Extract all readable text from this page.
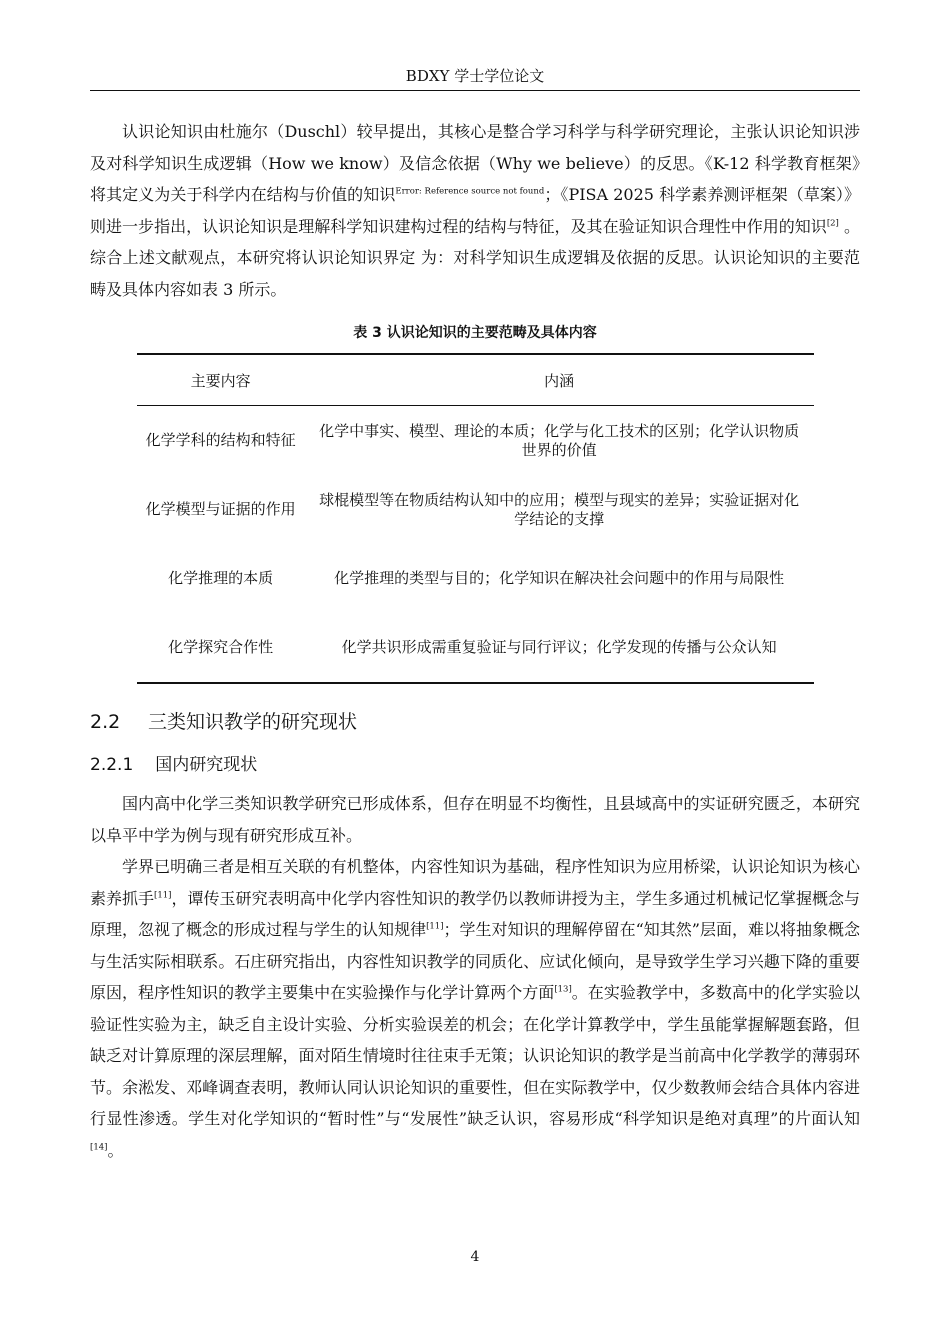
BDXY 学士学位论文

认识论知识由杜施尔（Duschl）较早提出，其核心是整合学习科学与科学研究理论，主张认识论知识涉及对科学知识生成逻辑（How we know）及信念依据（Why we believe）的反思。《K-12 科学教育框架》将其定义为关于科学内在结构与价值的知识$^{Error: Reference source not found}$；《PISA 2025 科学素养测评框架（草案）》则进一步指出，认识论知识是理解科学知识建构过程的结构与特征，及其在验证知识合理性中作用的知识[2] 。综合上述文献观点，本研究将认识论知识界定 为：对科学知识生成逻辑及依据的反思。认识论知识的主要范畴及具体内容如表 3 所示。

表 3 认识论知识的主要范畴及具体内容
主要内容	内涵
化学学科的结构和特征	化学中事实、模型、理论的本质；化学与化工技术的区别；化学认识物质世界的价值
化学模型与证据的作用	球棍模型等在物质结构认知中的应用；模型与现实的差异；实验证据对化学结论的支撑
化学推理的本质	化学推理的类型与目的；化学知识在解决社会问题中的作用与局限性
化学探究合作性	化学共识形成需重复验证与同行评议；化学发现的传播与公众认知
2.2 三类知识教学的研究现状
2.2.1 国内研究现状

国内高中化学三类知识教学研究已形成体系，但存在明显不均衡性，且县域高中的实证研究匮乏，本研究以阜平中学为例与现有研究形成互补。

学界已明确三者是相互关联的有机整体，内容性知识为基础，程序性知识为应用桥梁，认识论知识为核心素养抓手[11]，谭传玉研究表明高中化学内容性知识的教学仍以教师讲授为主，学生多通过机械记忆掌握概念与原理，忽视了概念的形成过程与学生的认知规律[11]；学生对知识的理解停留在“知其然”层面，难以将抽象概念与生活实际相联系。石庄研究指出，内容性知识教学的同质化、应试化倾向，是导致学生学习兴趣下降的重要原因，程序性知识的教学主要集中在实验操作与化学计算两个方面[13]。在实验教学中，多数高中的化学实验以验证性实验为主，缺乏自主设计实验、分析实验误差的机会；在化学计算教学中，学生虽能掌握解题套路，但缺乏对计算原理的深层理解，面对陌生情境时往往束手无策；认识论知识的教学是当前高中化学教学的薄弱环节。余淞发、邓峰调查表明，教师认同认识论知识的重要性，但在实际教学中，仅少数教师会结合具体内容进行显性渗透。学生对化学知识的“暂时性”与“发展性”缺乏认识，容易形成“科学知识是绝对真理”的片面认知[14]。

4
